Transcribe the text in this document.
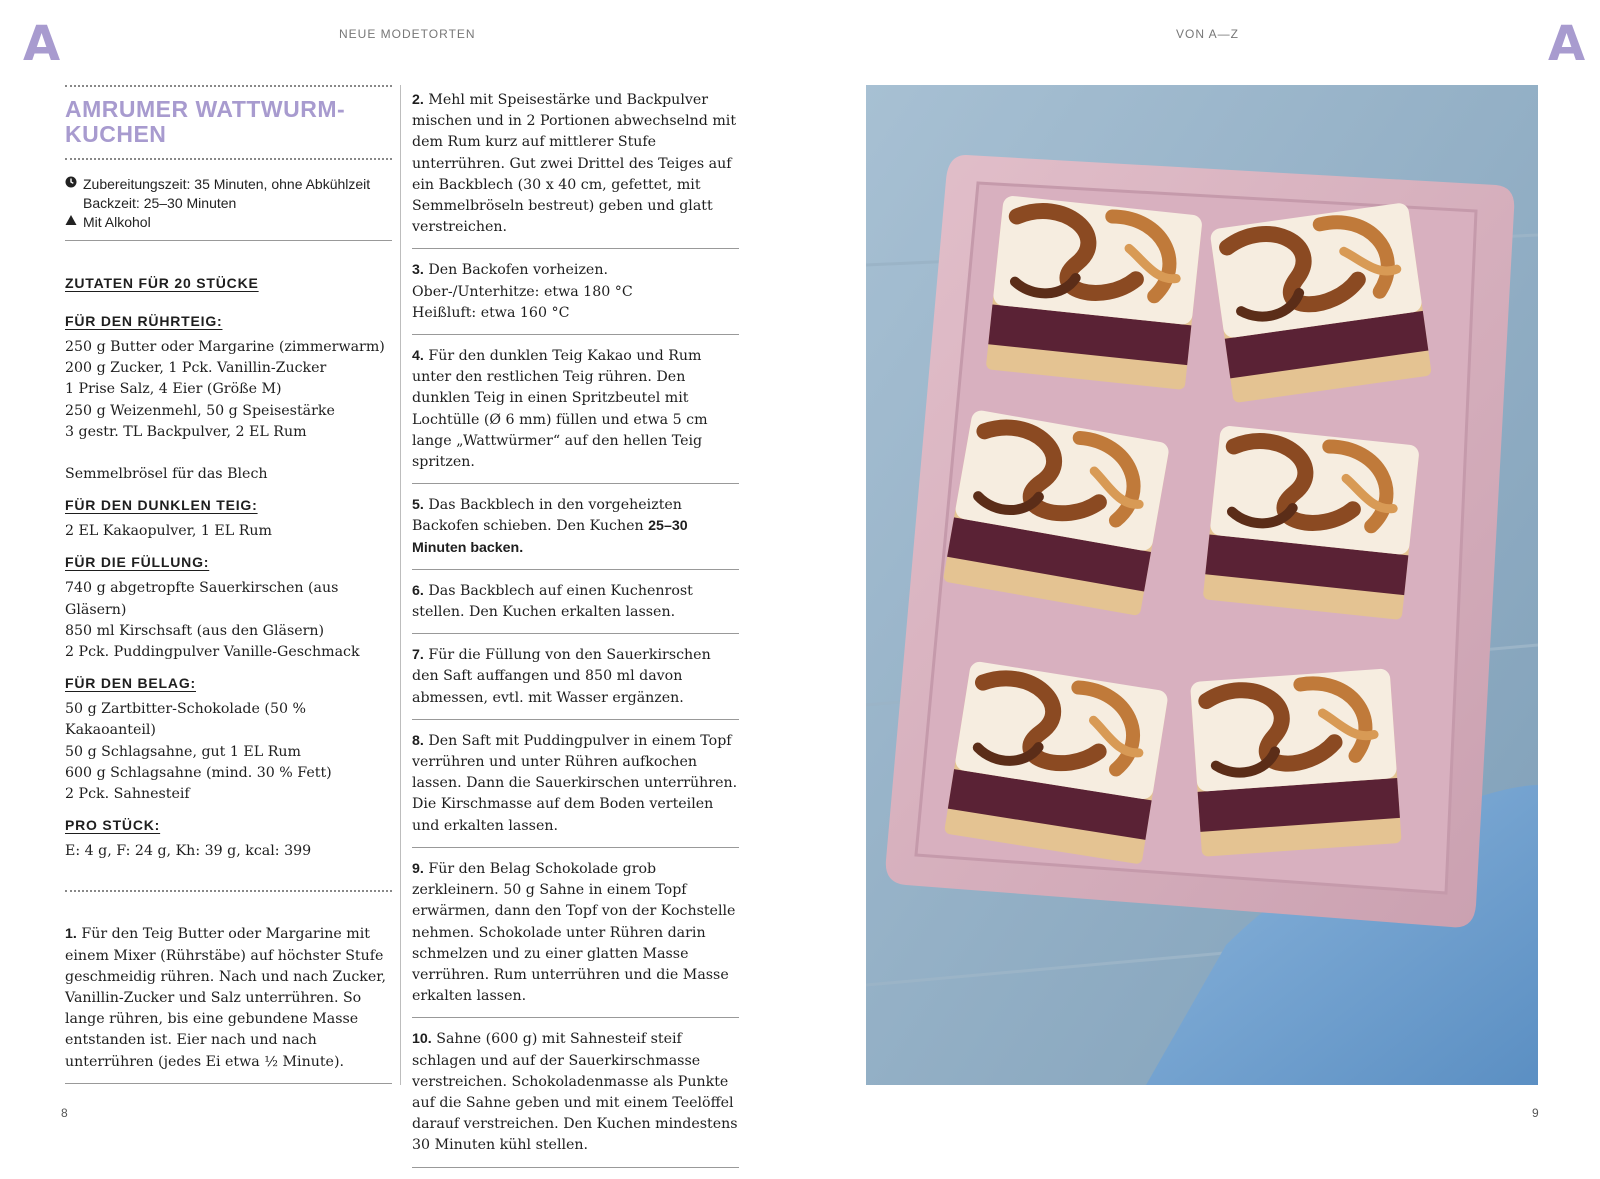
A	A
NEUE MODETORTEN	VON A—Z
AMRUMER WATTWURM-
KUCHEN
Zubereitungszeit: 35 Minuten, ohne Abkühlzeit
Backzeit: 25–30 Minuten
Mit Alkohol
ZUTATEN FÜR 20 STÜCKE
FÜR DEN RÜHRTEIG:
250 g Butter oder Margarine (zimmerwarm)
200 g Zucker, 1 Pck. Vanillin-Zucker
1 Prise Salz, 4 Eier (Größe M)
250 g Weizenmehl, 50 g Speisestärke
3 gestr. TL Backpulver, 2 EL Rum
Semmelbrösel für das Blech
FÜR DEN DUNKLEN TEIG:
2 EL Kakaopulver, 1 EL Rum
FÜR DIE FÜLLUNG:
740 g abgetropfte Sauerkirschen (aus Gläsern)
850 ml Kirschsaft (aus den Gläsern)
2 Pck. Puddingpulver Vanille-Geschmack
FÜR DEN BELAG:
50 g Zartbitter-Schokolade (50 % Kakaoanteil)
50 g Schlagsahne, gut 1 EL Rum
600 g Schlagsahne (mind. 30 % Fett)
2 Pck. Sahnesteif
PRO STÜCK:
E: 4 g, F: 24 g, Kh: 39 g, kcal: 399
1. Für den Teig Butter oder Margarine mit einem Mixer (Rührstäbe) auf höchster Stufe geschmeidig rühren. Nach und nach Zucker, Vanillin-Zucker und Salz unterrühren. So lange rühren, bis eine gebundene Masse entstanden ist. Eier nach und nach unterrühren (jedes Ei etwa ½ Minute).
2. Mehl mit Speisestärke und Backpulver mischen und in 2 Portionen abwechselnd mit dem Rum kurz auf mittlerer Stufe unterrühren. Gut zwei Drittel des Teiges auf ein Backblech (30 x 40 cm, gefettet, mit Semmelbröseln bestreut) geben und glatt verstreichen.
3. Den Backofen vorheizen.
Ober-/Unterhitze: etwa 180 °C
Heißluft: etwa 160 °C
4. Für den dunklen Teig Kakao und Rum unter den restlichen Teig rühren. Den dunklen Teig in einen Spritzbeutel mit Lochtülle (Ø 6 mm) füllen und etwa 5 cm lange „Wattwürmer“ auf den hellen Teig spritzen.
5. Das Backblech in den vorgeheizten Backofen schieben. Den Kuchen 25–30 Minuten backen.
6. Das Backblech auf einen Kuchenrost stellen. Den Kuchen erkalten lassen.
7. Für die Füllung von den Sauerkirschen den Saft auffangen und 850 ml davon abmessen, evtl. mit Wasser ergänzen.
8. Den Saft mit Puddingpulver in einem Topf verrühren und unter Rühren aufkochen lassen. Dann die Sauerkirschen unterrühren. Die Kirschmasse auf dem Boden verteilen und erkalten lassen.
9. Für den Belag Schokolade grob zerkleinern. 50 g Sahne in einem Topf erwärmen, dann den Topf von der Kochstelle nehmen. Schokolade unter Rühren darin schmelzen und zu einer glatten Masse verrühren. Rum unterrühren und die Masse erkalten lassen.
10. Sahne (600 g) mit Sahnesteif steif schlagen und auf der Sauerkirschmasse verstreichen. Schokoladenmasse als Punkte auf die Sahne geben und mit einem Teelöffel darauf verstreichen. Den Kuchen mindestens 30 Minuten kühl stellen.
8	9
